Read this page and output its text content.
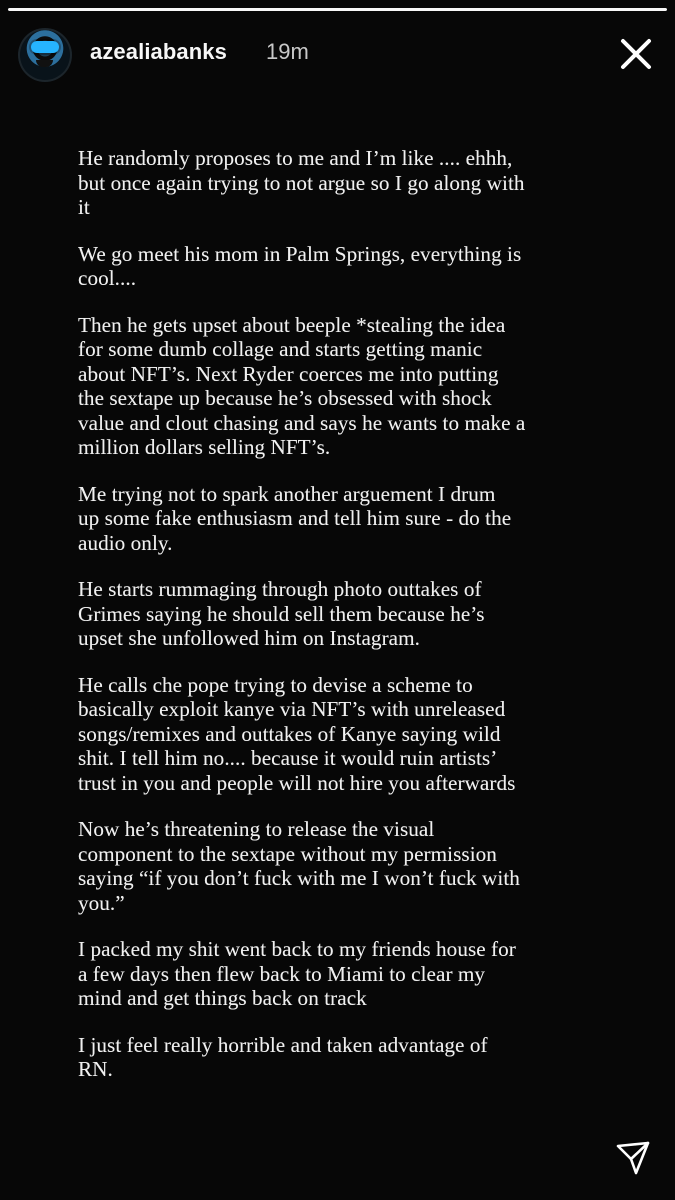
azealiabanks 19m

He randomly proposes to me and I’m like .... ehhh,
but once again trying to not argue so I go along with
it

We go meet his mom in Palm Springs, everything is
cool....

Then he gets upset about beeple *stealing the idea
for some dumb collage and starts getting manic
about NFT’s. Next Ryder coerces me into putting
the sextape up because he’s obsessed with shock
value and clout chasing and says he wants to make a
million dollars selling NFT’s.

Me trying not to spark another arguement I drum
up some fake enthusiasm and tell him sure - do the
audio only.

He starts rummaging through photo outtakes of
Grimes saying he should sell them because he’s
upset she unfollowed him on Instagram.

He calls che pope trying to devise a scheme to
basically exploit kanye via NFT’s with unreleased
songs/remixes and outtakes of Kanye saying wild
shit. I tell him no.... because it would ruin artists’
trust in you and people will not hire you afterwards

Now he’s threatening to release the visual
component to the sextape without my permission
saying “if you don’t fuck with me I won’t fuck with
you.”

I packed my shit went back to my friends house for
a few days then flew back to Miami to clear my
mind and get things back on track

I just feel really horrible and taken advantage of
RN.
